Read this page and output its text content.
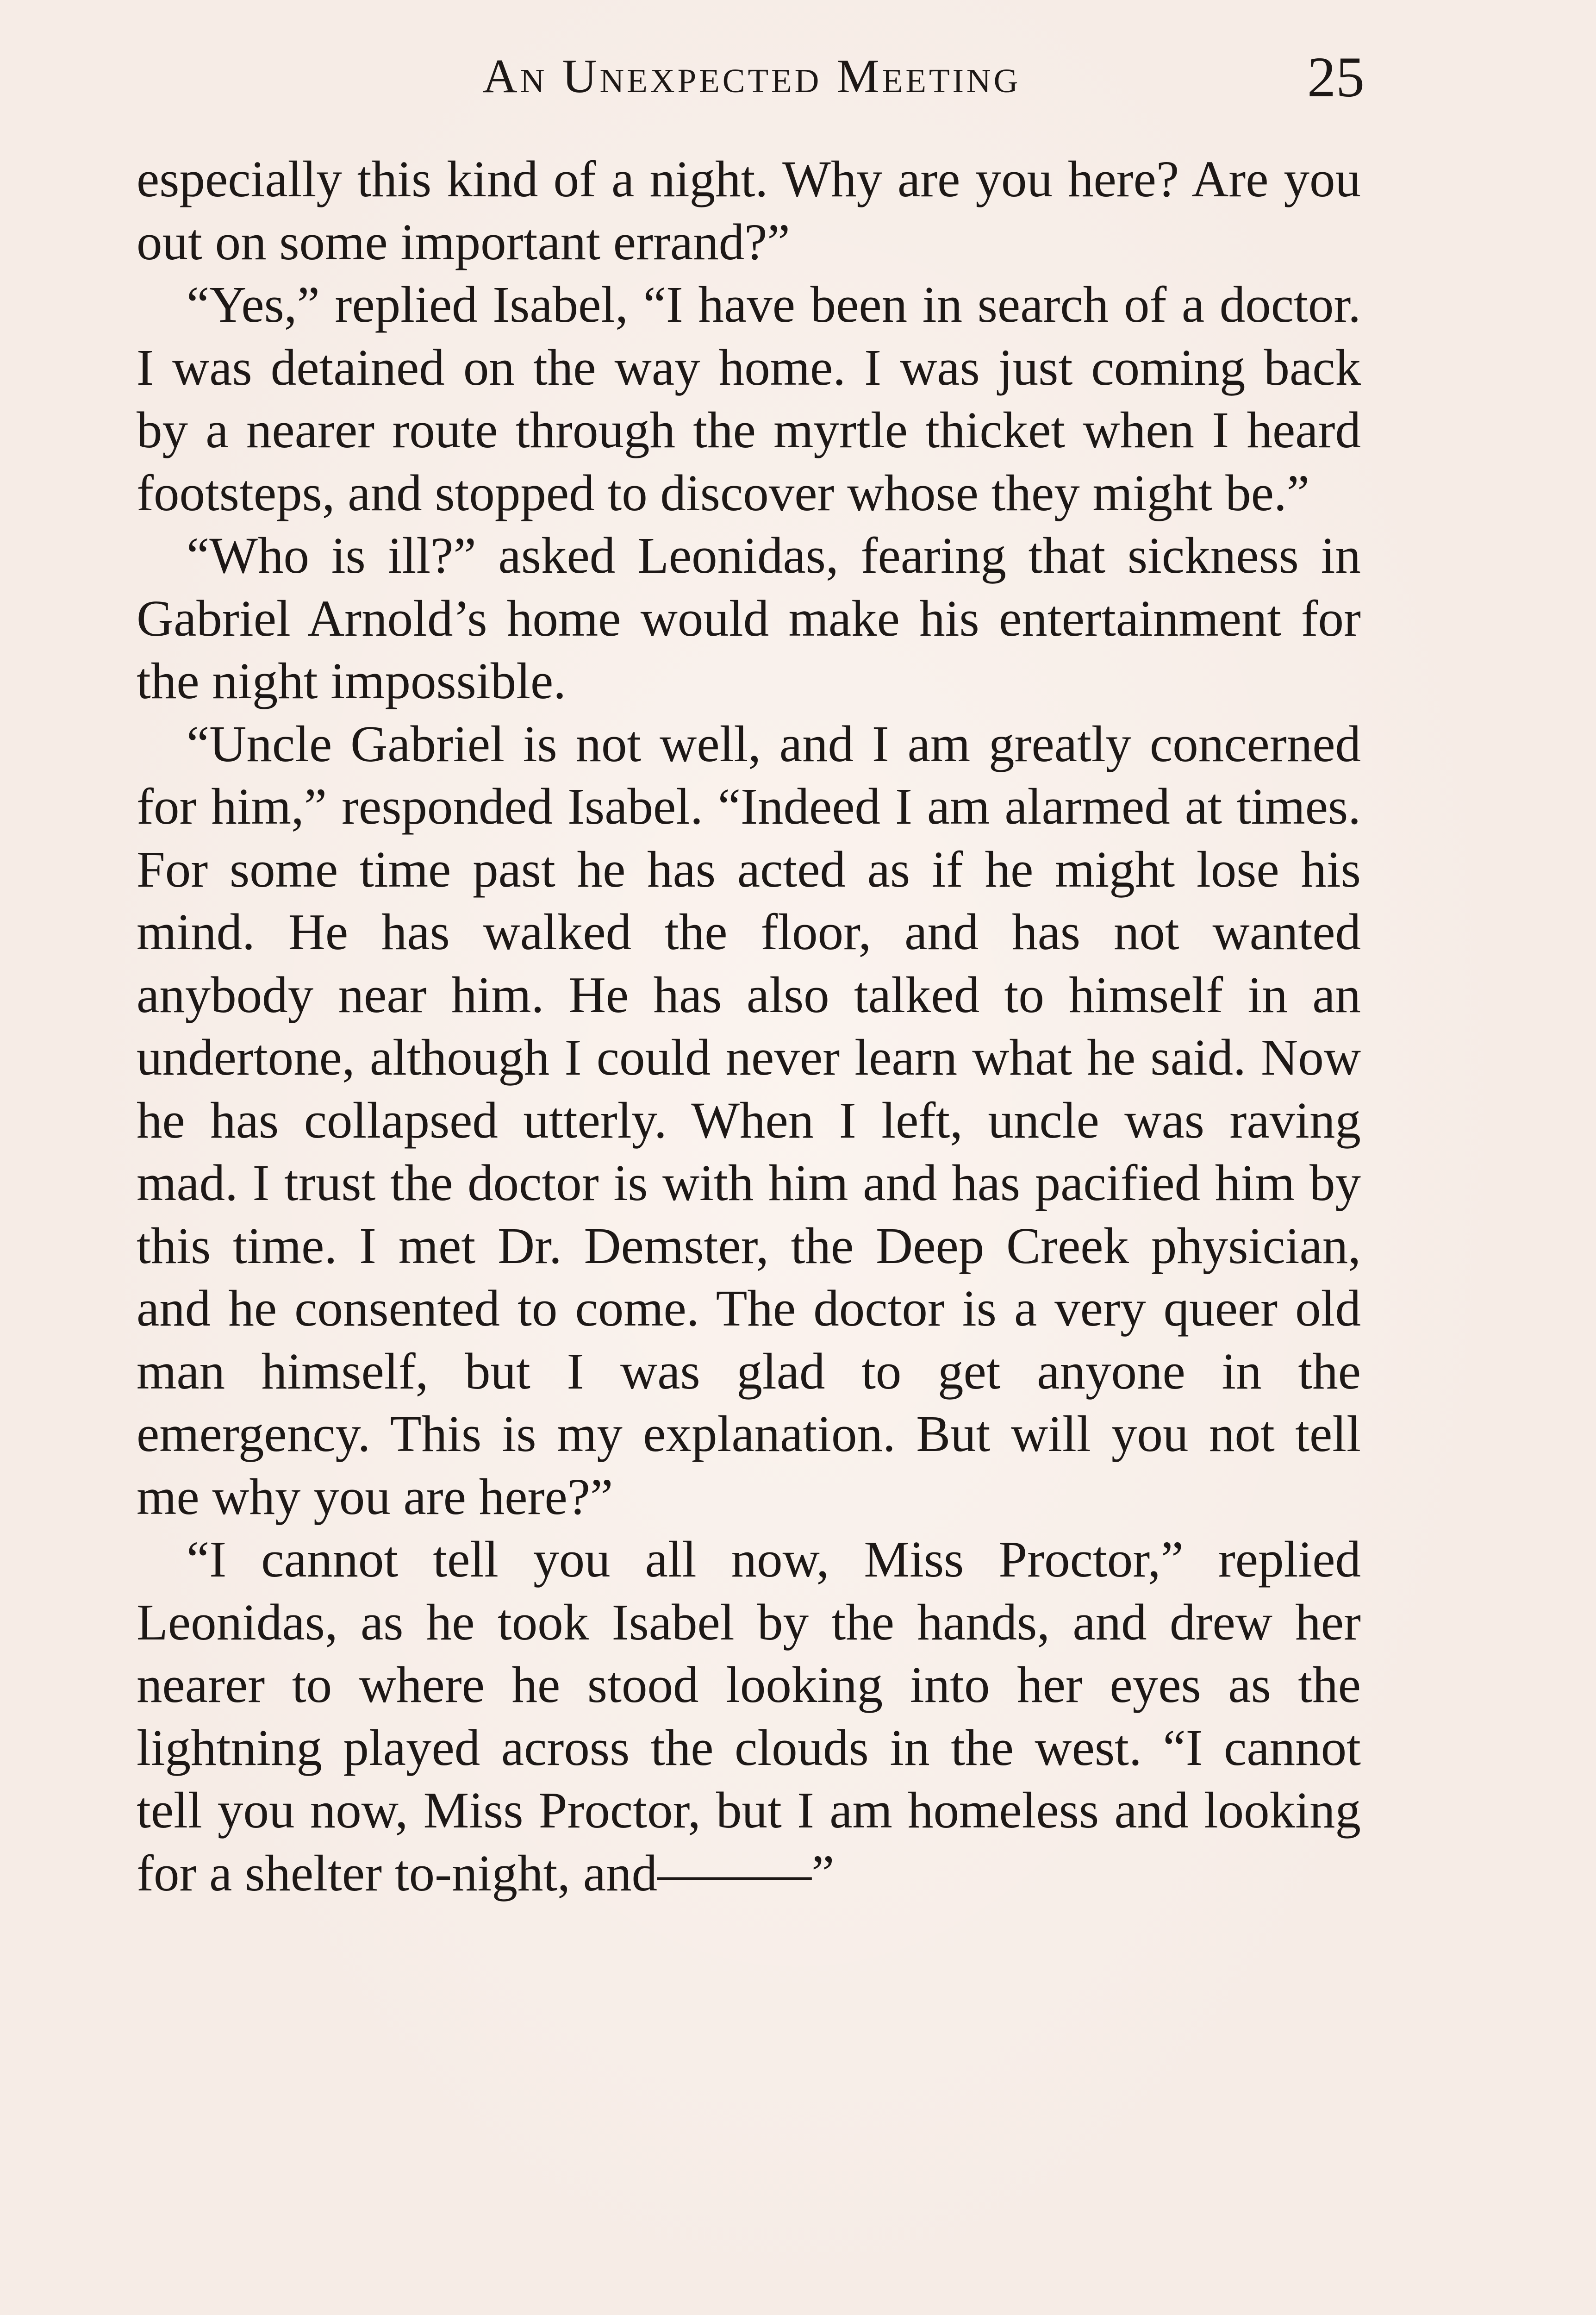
An Unexpected Meeting	25

especially this kind of a night. Why are you here? Are you out on some important errand?”

“Yes,” replied Isabel, “I have been in search of a doctor. I was detained on the way home. I was just coming back by a nearer route through the myrtle thicket when I heard footsteps, and stopped to discover whose they might be.”

“Who is ill?” asked Leonidas, fearing that sickness in Gabriel Arnold’s home would make his entertainment for the night impossible.

“Uncle Gabriel is not well, and I am greatly concerned for him,” responded Isabel. “Indeed I am alarmed at times. For some time past he has acted as if he might lose his mind. He has walked the floor, and has not wanted anybody near him. He has also talked to himself in an undertone, although I could never learn what he said. Now he has collapsed utterly. When I left, uncle was raving mad. I trust the doctor is with him and has pacified him by this time. I met Dr. Demster, the Deep Creek physician, and he consented to come. The doctor is a very queer old man himself, but I was glad to get anyone in the emergency. This is my explanation. But will you not tell me why you are here?”

“I cannot tell you all now, Miss Proctor,” replied Leonidas, as he took Isabel by the hands, and drew her nearer to where he stood looking into her eyes as the lightning played across the clouds in the west. “I cannot tell you now, Miss Proctor, but I am homeless and looking for a shelter to-night, and———”
